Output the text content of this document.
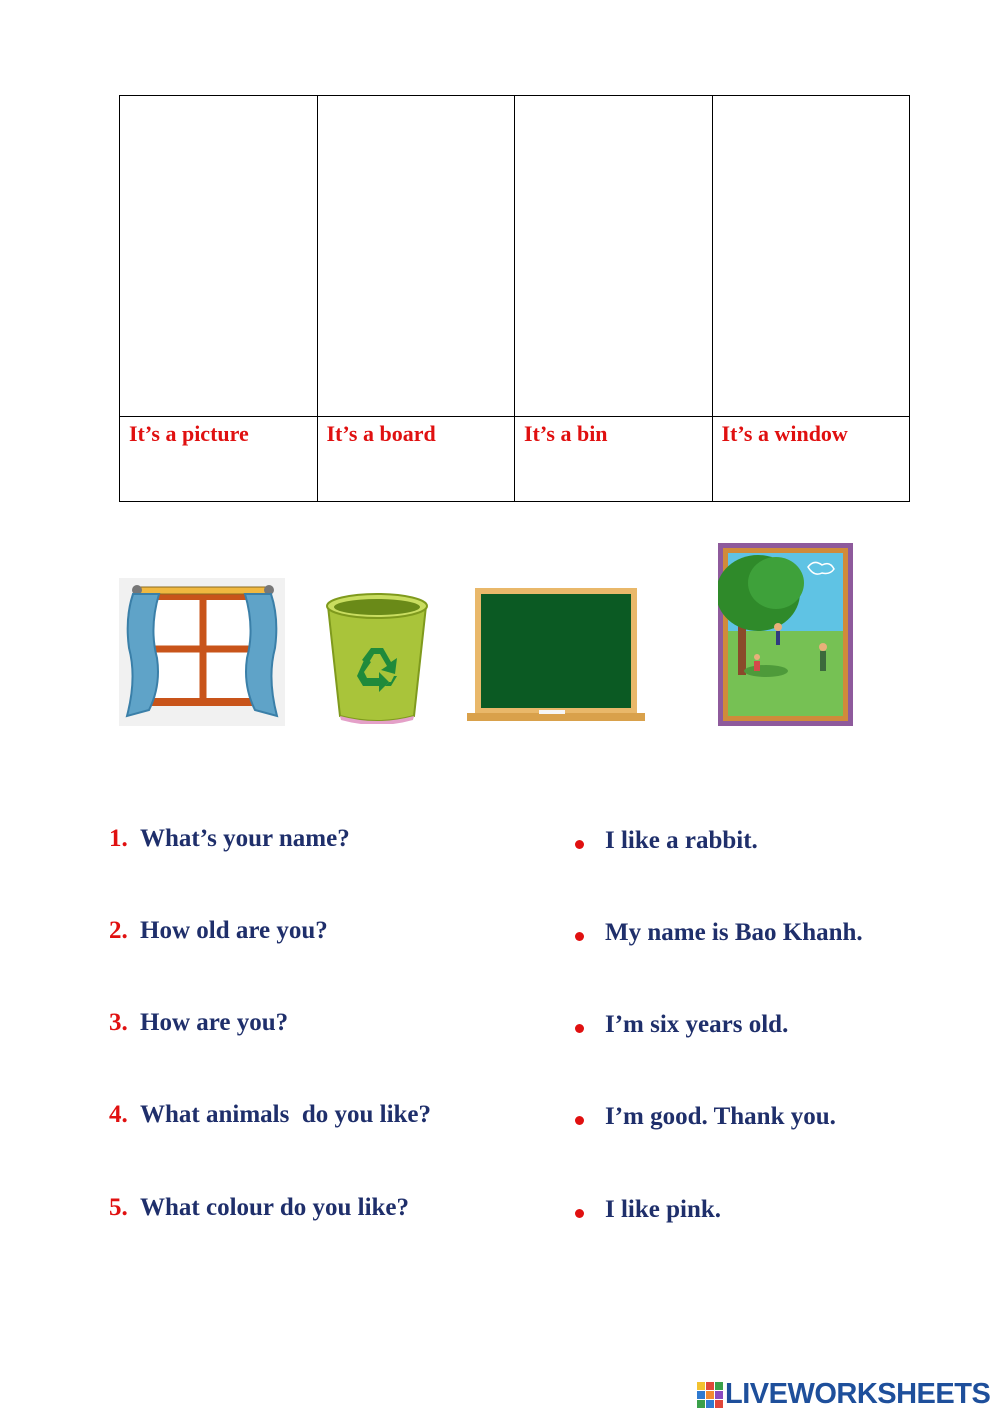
It’s a picture	It’s a board	It’s a bin	It’s a window
1. What’s your name?
2. How old are you?
3. How are you?
4. What animals  do you like?
5. What colour do you like?
I like a rabbit.
My name is Bao Khanh.
I’m six years old.
I’m good. Thank you.
I like pink.
LIVEWORKSHEETS
